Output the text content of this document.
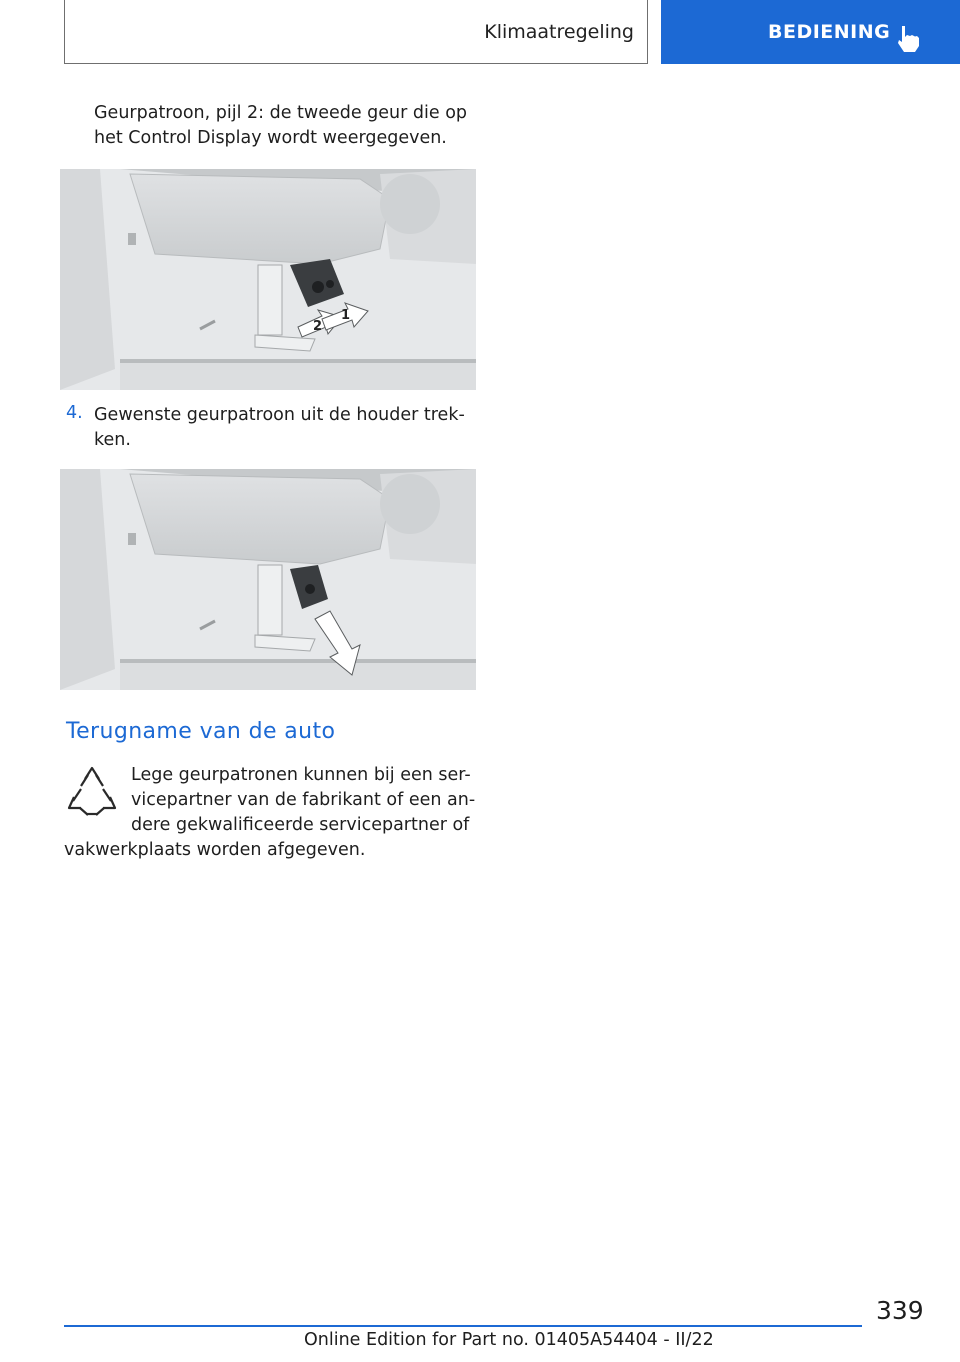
Klimaatregeling	BEDIENING
Geurpatroon, pijl 2: de tweede geur die op
het Control Display wordt weergegeven.
2
1
4. Gewenste geurpatroon uit de houder trek-
ken.
Terugname van de auto
Lege geurpatronen kunnen bij een ser-
vicepartner van de fabrikant of een an-
dere gekwalificeerde servicepartner of
vakwerkplaats worden afgegeven.
339
Online Edition for Part no. 01405A54404 - II/22
